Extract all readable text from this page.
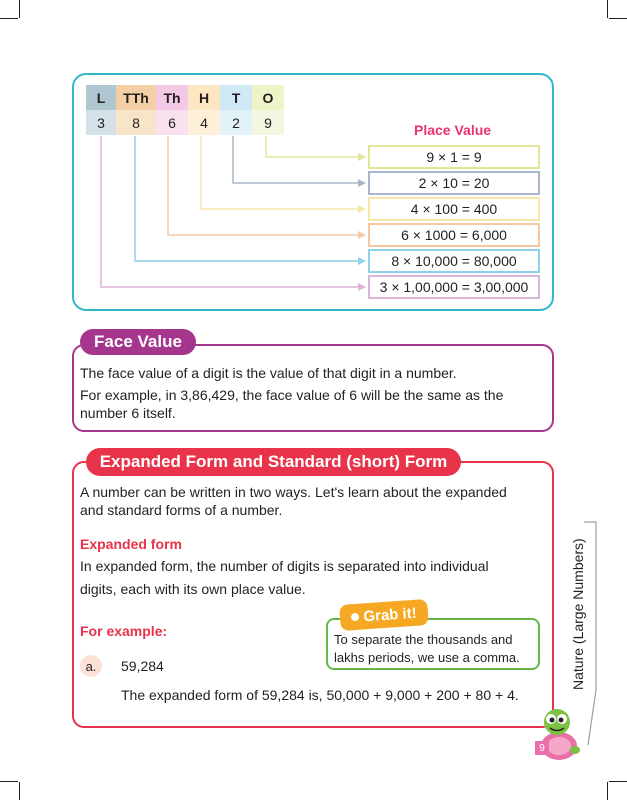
L	TTh	Th	H	T	O
3	8	6	4	2	9	Place Value
9 × 1 = 9
2 × 10 = 20
4 × 100 = 400
6 × 1000 = 6,000
8 × 10,000 = 80,000
3 × 1,00,000 = 3,00,000
Face Value
The face value of a digit is the value of that digit in a number.
For example, in 3,86,429, the face value of 6 will be the same as the
number 6 itself.
Expanded Form and Standard (short) Form
A number can be written in two ways. Let's learn about the expanded
and standard forms of a number.
Expanded form
In expanded form, the number of digits is separated into individual
digits, each with its own place value.
For example:
Grab it!
To separate the thousands and
lakhs periods, we use a comma.
a.	59,284
The expanded form of 59,284 is, 50,000 + 9,000 + 200 + 80 + 4.
Nature (Large Numbers)
9
